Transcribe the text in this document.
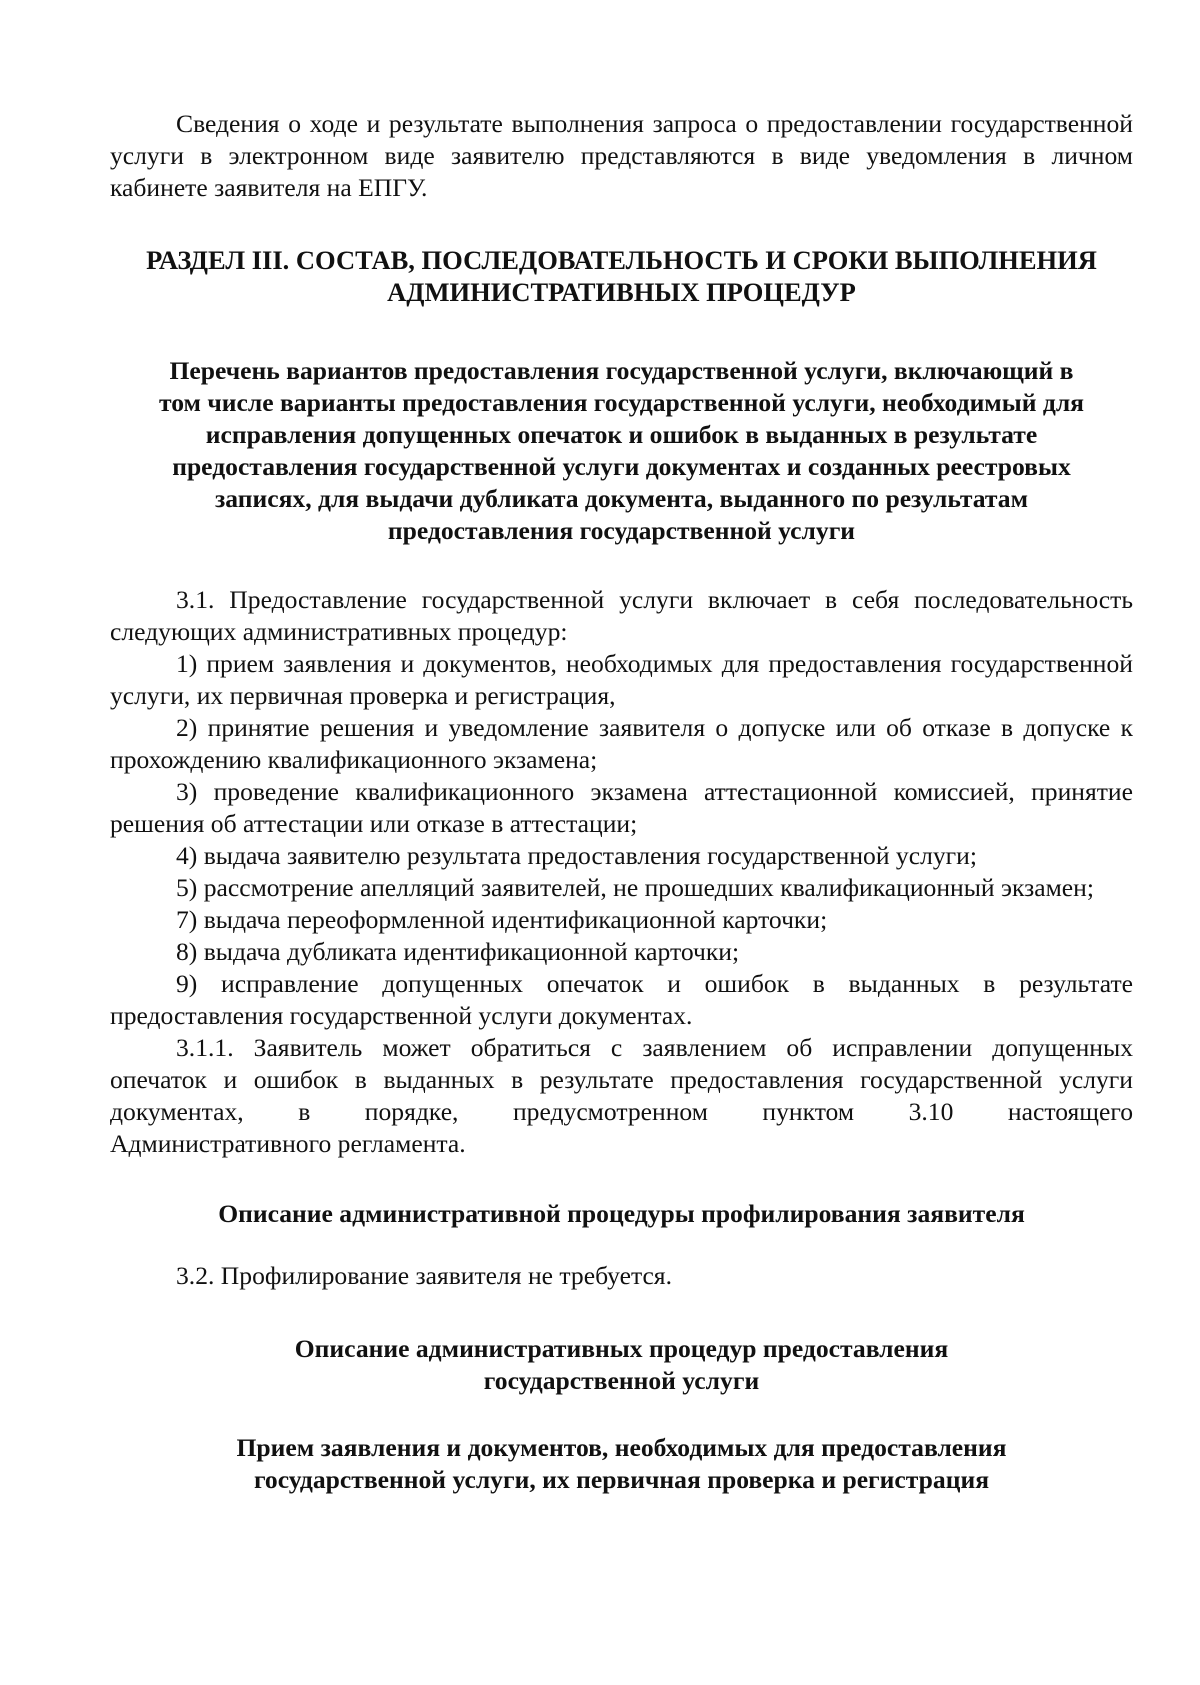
Сведения о ходе и результате выполнения запроса о предоставлении государственной услуги в электронном виде заявителю представляются в виде уведомления в личном кабинете заявителя на ЕПГУ.

РАЗДЕЛ III. СОСТАВ, ПОСЛЕДОВАТЕЛЬНОСТЬ И СРОКИ ВЫПОЛНЕНИЯ
АДМИНИСТРАТИВНЫХ ПРОЦЕДУР
Перечень вариантов предоставления государственной услуги, включающий в
том числе варианты предоставления государственной услуги, необходимый для
исправления допущенных опечаток и ошибок в выданных в результате
предоставления государственной услуги документах и созданных реестровых
записях, для выдачи дубликата документа, выданного по результатам
предоставления государственной услуги

3.1. Предоставление государственной услуги включает в себя последовательность следующих административных процедур:

1) прием заявления и документов, необходимых для предоставления государственной услуги, их первичная проверка и регистрация,

2) принятие решения и уведомление заявителя о допуске или об отказе в допуске к прохождению квалификационного экзамена;

3) проведение квалификационного экзамена аттестационной комиссией, принятие решения об аттестации или отказе в аттестации;

4) выдача заявителю результата предоставления государственной услуги;

5) рассмотрение апелляций заявителей, не прошедших квалификационный экзамен;

7) выдача переоформленной идентификационной карточки;

8) выдача дубликата идентификационной карточки;

9) исправление допущенных опечаток и ошибок в выданных в результате предоставления государственной услуги документах.

3.1.1. Заявитель может обратиться с заявлением об исправлении допущенных
опечаток и ошибок в выданных в результате предоставления государственной услуги
документах, в порядке, предусмотренном пунктом 3.10 настоящего
Административного регламента.

Описание административной процедуры профилирования заявителя

3.2. Профилирование заявителя не требуется.

Описание административных процедур предоставления
государственной услуги
Прием заявления и документов, необходимых для предоставления
государственной услуги, их первичная проверка и регистрация
